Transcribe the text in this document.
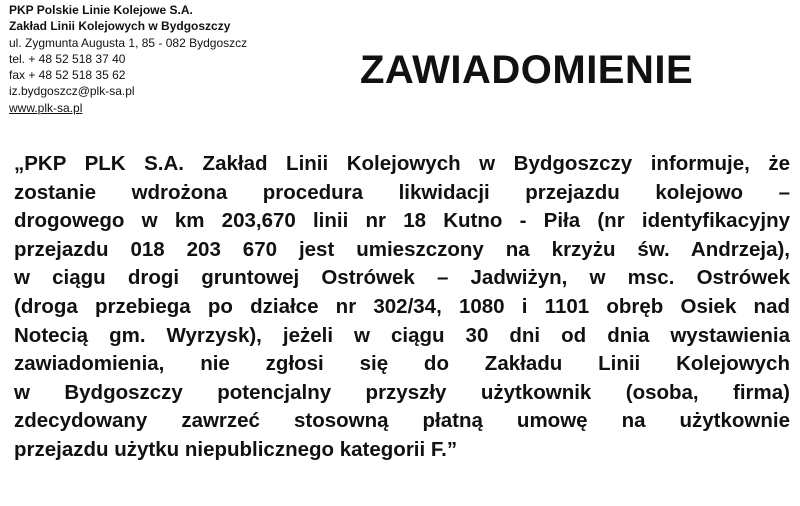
PKP Polskie Linie Kolejowe S.A.
Zakład Linii Kolejowych w Bydgoszczy
ul. Zygmunta Augusta 1, 85 - 082 Bydgoszcz
tel. + 48 52 518 37 40
fax + 48 52 518 35 62
iz.bydgoszcz@plk-sa.pl
www.plk-sa.pl
ZAWIADOMIENIE
„PKP PLK S.A. Zakład Linii Kolejowych w Bydgoszczy informuje, że
zostanie wdrożona procedura likwidacji przejazdu kolejowo –
drogowego w km 203,670 linii nr 18 Kutno - Piła (nr identyfikacyjny
przejazdu 018 203 670 jest umieszczony na krzyżu św. Andrzeja),
w ciągu drogi gruntowej Ostrówek – Jadwiżyn, w msc. Ostrówek
(droga przebiega po działce nr 302/34, 1080 i 1101 obręb Osiek nad
Notecią gm. Wyrzysk), jeżeli w ciągu 30 dni od dnia wystawienia
zawiadomienia, nie zgłosi się do Zakładu Linii Kolejowych
w Bydgoszczy potencjalny przyszły użytkownik (osoba, firma)
zdecydowany zawrzeć stosowną płatną umowę na użytkownie
przejazdu użytku niepublicznego kategorii F.”
